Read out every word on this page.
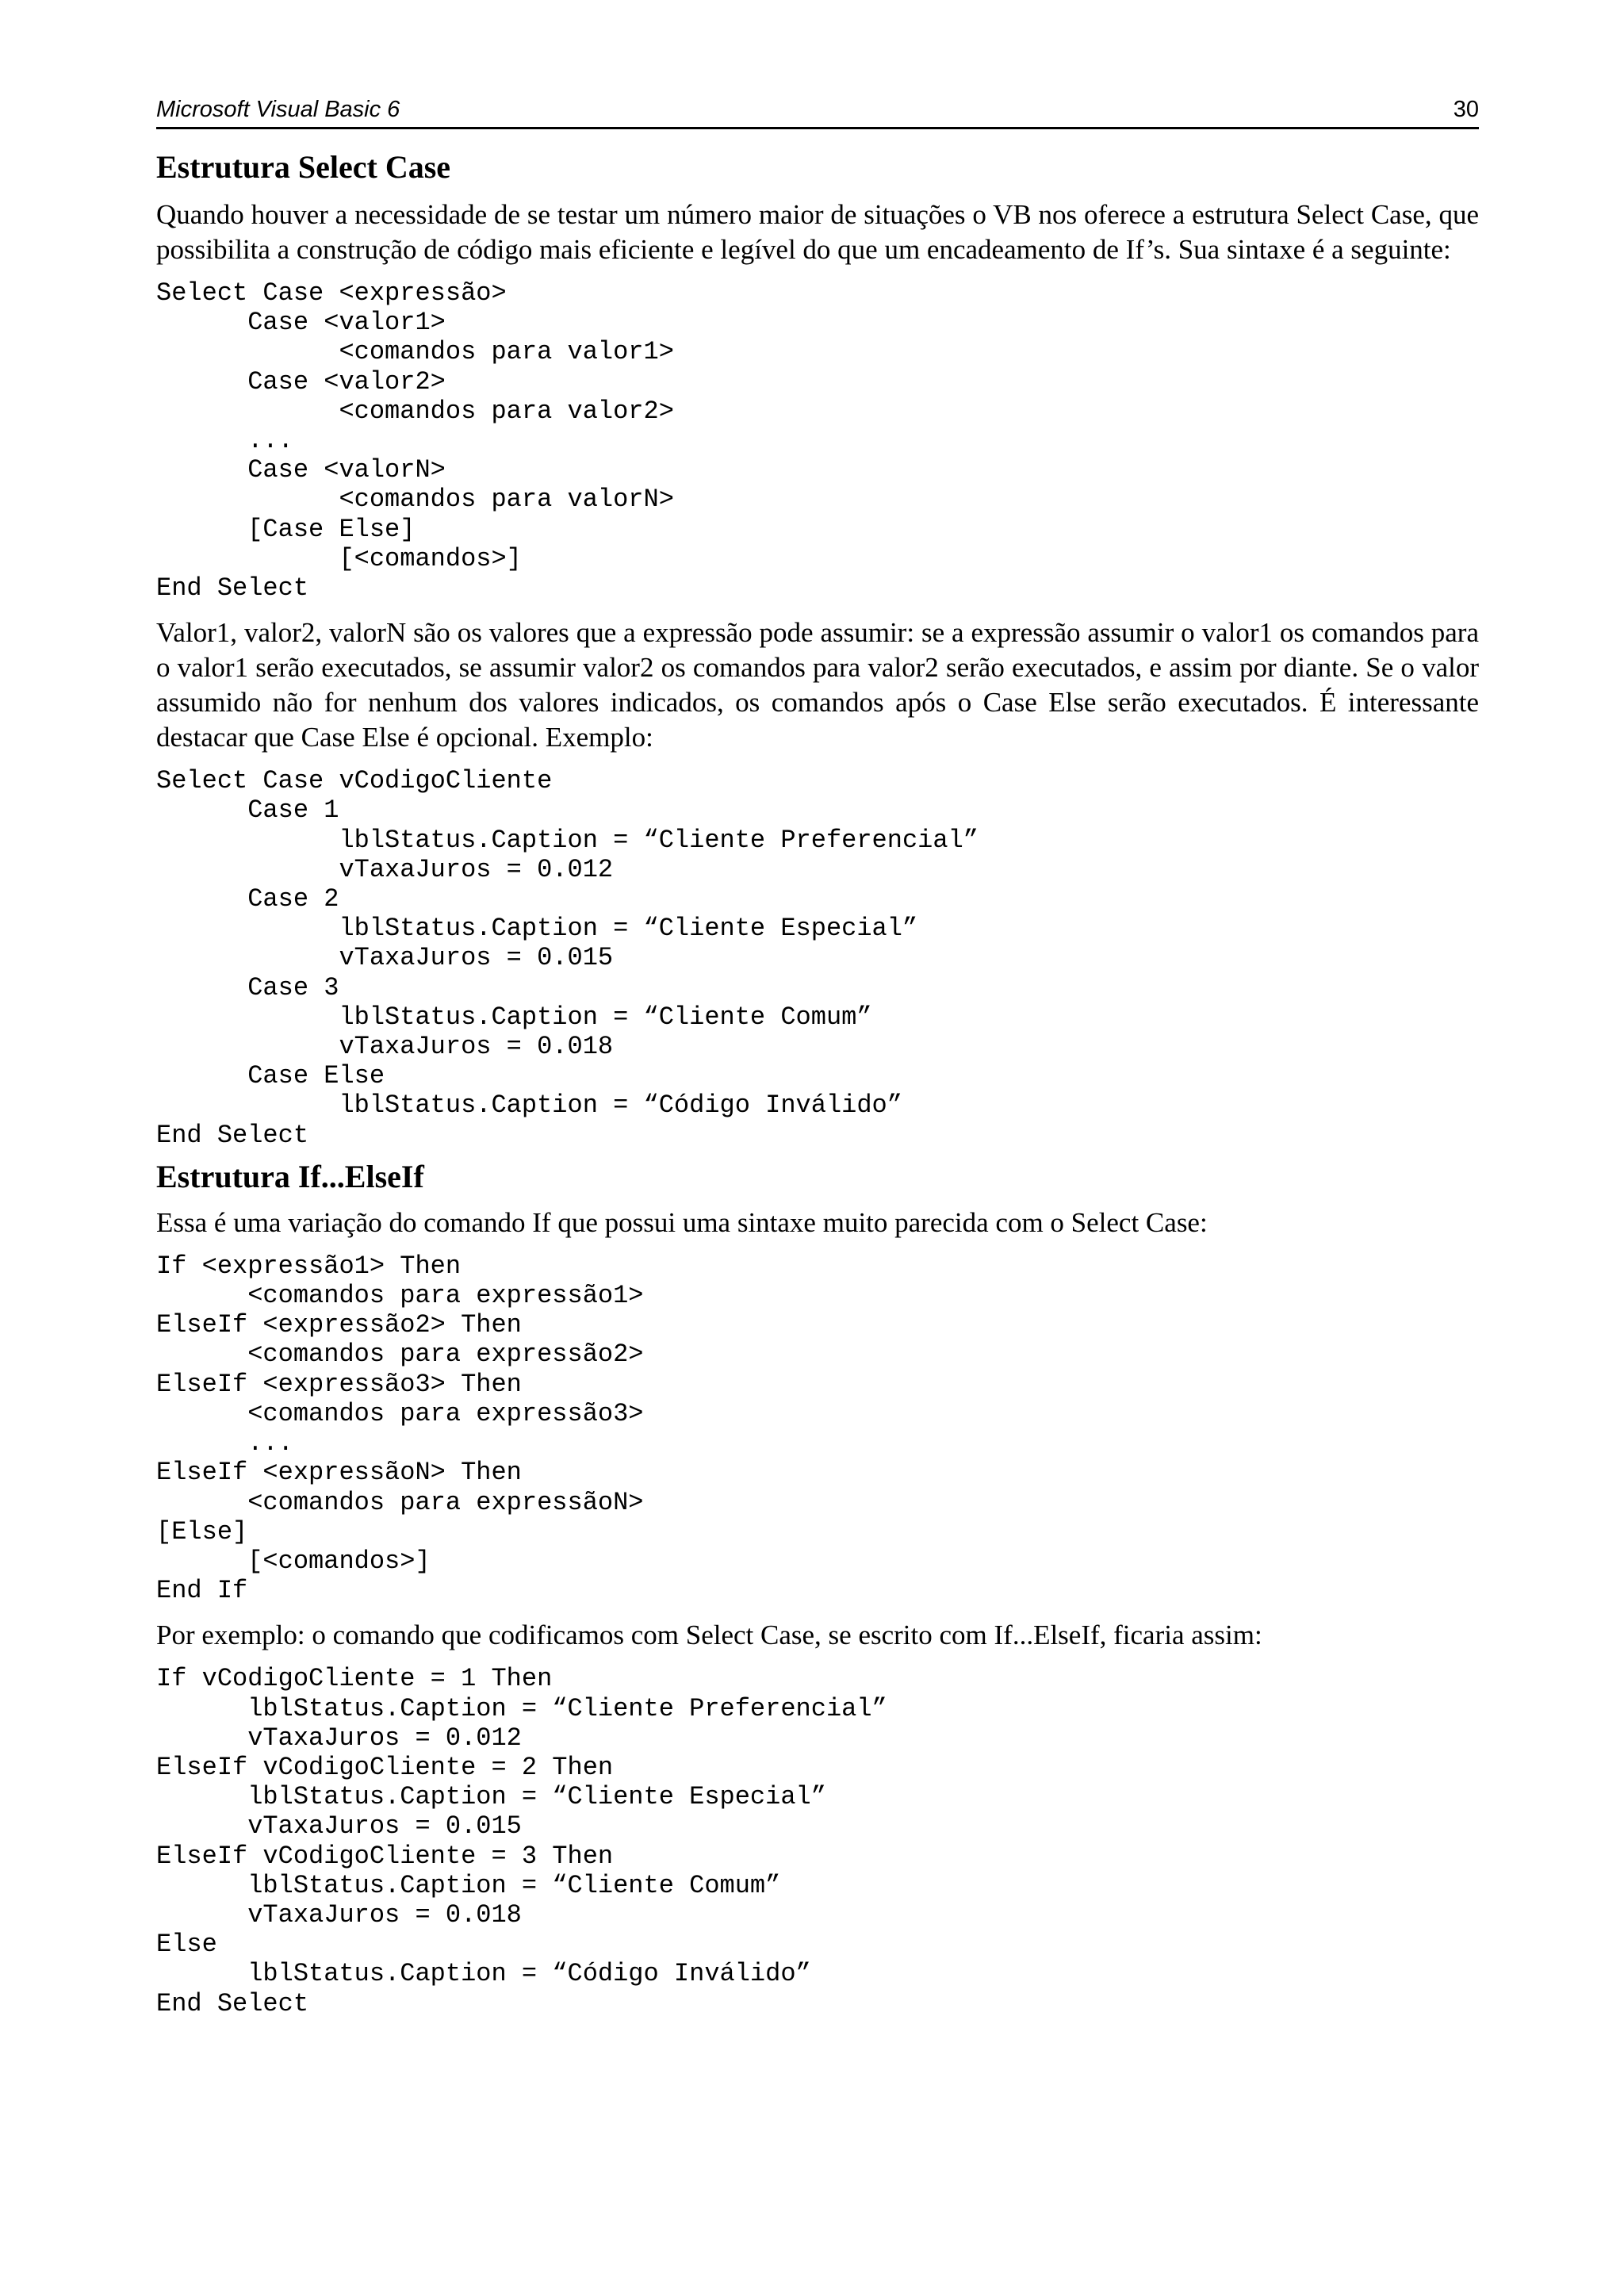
Microsoft Visual Basic 6	30
Estrutura Select Case

Quando houver a necessidade de se testar um número maior de situações o VB nos oferece a estrutura Select Case, que possibilita a construção de código mais eficiente e legível do que um encadeamento de If’s. Sua sintaxe é a seguinte:

Select Case <expressão>
Case <valor1>
<comandos para valor1>
Case <valor2>
<comandos para valor2>
...
Case <valorN>
<comandos para valorN>
[Case Else]
[<comandos>]
End Select

Valor1, valor2, valorN são os valores que a expressão pode assumir: se a expressão assumir o valor1 os comandos para o valor1 serão executados, se assumir valor2 os comandos para valor2 serão executados, e assim por diante. Se o valor assumido não for nenhum dos valores indicados, os comandos após o Case Else serão executados. É interessante destacar que Case Else é opcional. Exemplo:

Select Case vCodigoCliente
Case 1
lblStatus.Caption = “Cliente Preferencial”
vTaxaJuros = 0.012
Case 2
lblStatus.Caption = “Cliente Especial”
vTaxaJuros = 0.015
Case 3
lblStatus.Caption = “Cliente Comum”
vTaxaJuros = 0.018
Case Else
lblStatus.Caption = “Código Inválido”
End Select
Estrutura If...ElseIf

Essa é uma variação do comando If que possui uma sintaxe muito parecida com o Select Case:

If <expressão1> Then
<comandos para expressão1>
ElseIf <expressão2> Then
<comandos para expressão2>
ElseIf <expressão3> Then
<comandos para expressão3>
...
ElseIf <expressãoN> Then
<comandos para expressãoN>
[Else]
[<comandos>]
End If

Por exemplo: o comando que codificamos com Select Case, se escrito com If...ElseIf, ficaria assim:

If vCodigoCliente = 1 Then
lblStatus.Caption = “Cliente Preferencial”
vTaxaJuros = 0.012
ElseIf vCodigoCliente = 2 Then
lblStatus.Caption = “Cliente Especial”
vTaxaJuros = 0.015
ElseIf vCodigoCliente = 3 Then
lblStatus.Caption = “Cliente Comum”
vTaxaJuros = 0.018
Else
lblStatus.Caption = “Código Inválido”
End Select
